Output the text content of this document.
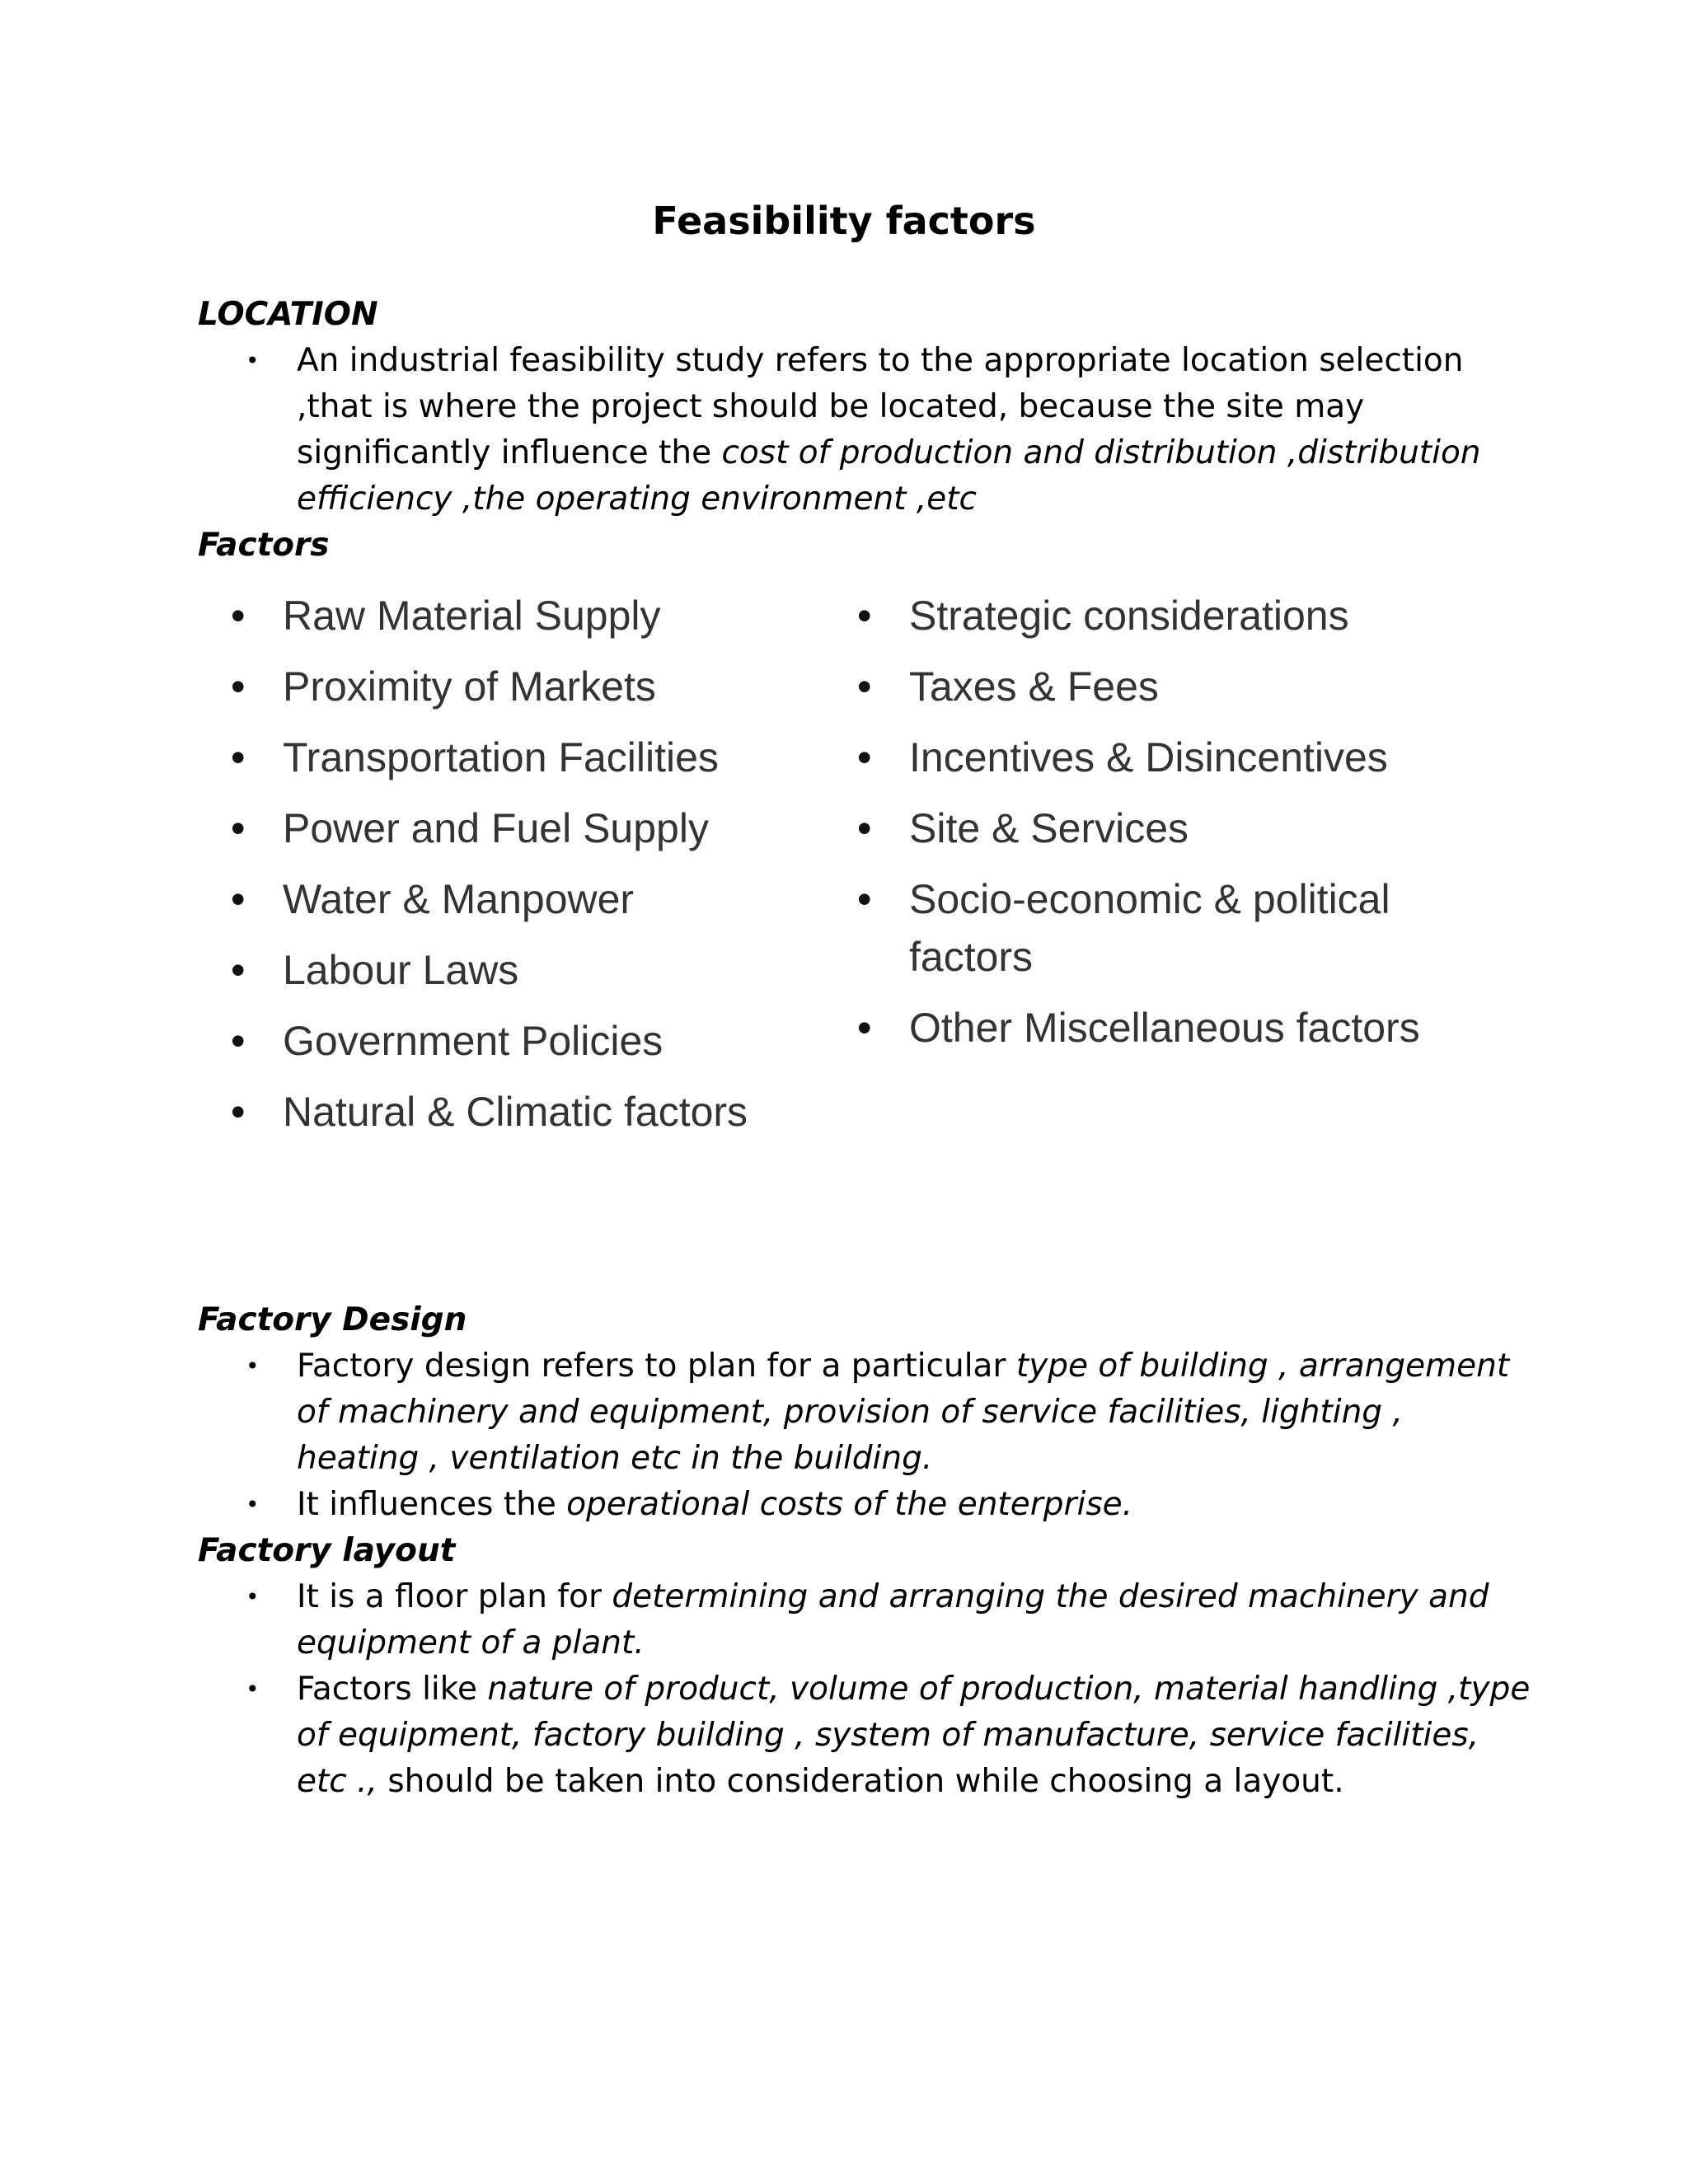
Feasibility factors
LOCATION
•	An industrial feasibility study refers to the appropriate location selection ,that is where the project should be located, because the site may significantly influence the cost of production and distribution ,distribution efficiency ,the operating environment ,etc
Factors
• Raw Material Supply
• Proximity of Markets
• Transportation Facilities
• Power and Fuel Supply
• Water & Manpower
• Labour Laws
• Government Policies
• Natural & Climatic factors
• Strategic considerations
• Taxes & Fees
• Incentives & Disincentives
• Site & Services
• Socio-economic & political factors
• Other Miscellaneous factors
Factory Design
•	Factory design refers to plan for a particular type of building , arrangement of machinery and equipment, provision of service facilities, lighting , heating , ventilation etc in the building.
•	It influences the operational costs of the enterprise.
Factory layout
•	It is a floor plan for determining and arranging the desired machinery and equipment of a plant.
•	Factors like nature of product, volume of production, material handling ,type of equipment, factory building , system of manufacture, service facilities, etc ., should be taken into consideration while choosing a layout.
